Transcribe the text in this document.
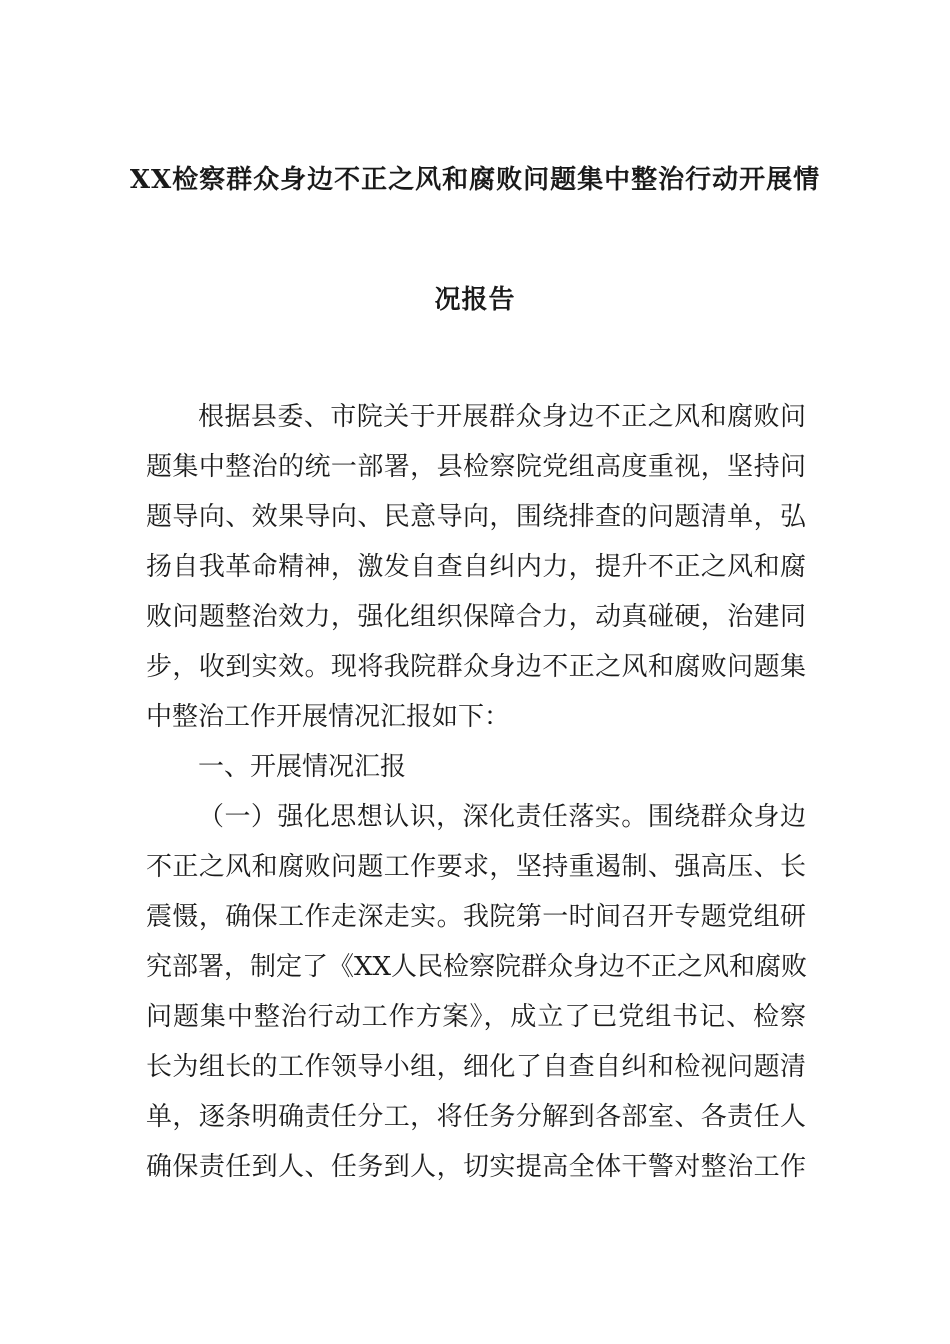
XX检察群众身边不正之风和腐败问题集中整治行动开展情
况报告
根据县委、市院关于开展群众身边不正之风和腐败问
题集中整治的统一部署，县检察院党组高度重视，坚持问
题导向、效果导向、民意导向，围绕排查的问题清单，弘
扬自我革命精神，激发自查自纠内力，提升不正之风和腐
败问题整治效力，强化组织保障合力，动真碰硬，治建同
步，收到实效。现将我院群众身边不正之风和腐败问题集
中整治工作开展情况汇报如下：
一、开展情况汇报
（一）强化思想认识，深化责任落实。围绕群众身边
不正之风和腐败问题工作要求，坚持重遏制、强高压、长
震慑，确保工作走深走实。我院第一时间召开专题党组研
究部署，制定了《XX人民检察院群众身边不正之风和腐败
问题集中整治行动工作方案》，成立了已党组书记、检察
长为组长的工作领导小组，细化了自查自纠和检视问题清
单，逐条明确责任分工，将任务分解到各部室、各责任人
确保责任到人、任务到人，切实提高全体干警对整治工作
